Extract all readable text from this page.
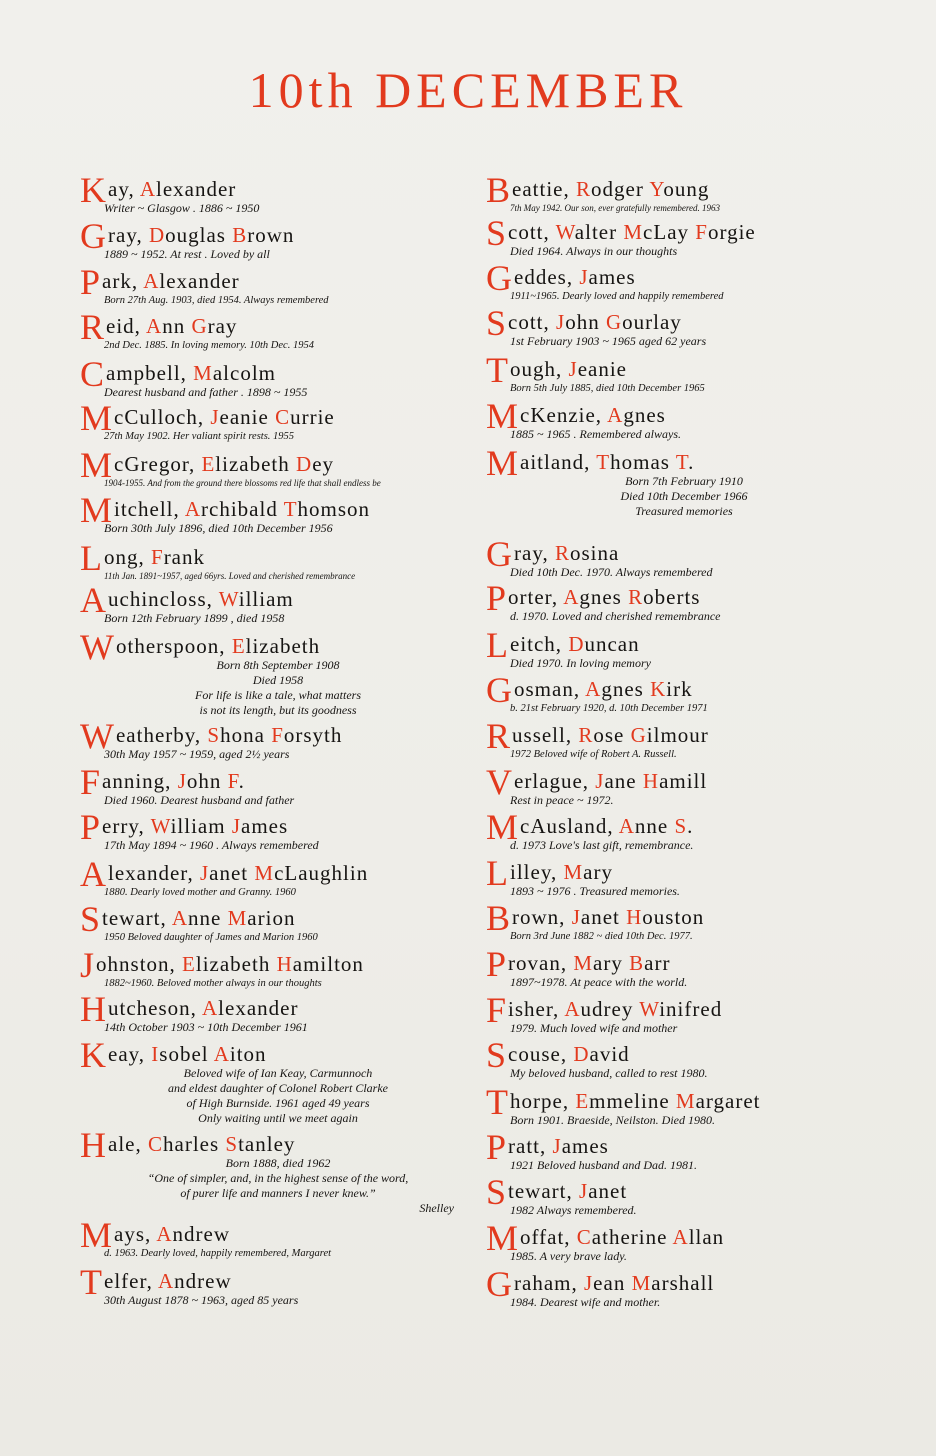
10th DECEMBER
Kay, Alexander
Writer ~ Glasgow . 1886 ~ 1950
Gray, Douglas Brown
1889 ~ 1952. At rest . Loved by all
Park, Alexander
Born 27th Aug. 1903, died 1954. Always remembered
Reid, Ann Gray
2nd Dec. 1885. In loving memory. 10th Dec. 1954
Campbell, Malcolm
Dearest husband and father . 1898 ~ 1955
McCulloch, Jeanie Currie
27th May 1902. Her valiant spirit rests. 1955
McGregor, Elizabeth Dey
1904-1955. And from the ground there blossoms red life that shall endless be
Mitchell, Archibald Thomson
Born 30th July 1896, died 10th December 1956
Long, Frank
11th Jan. 1891~1957, aged 66yrs. Loved and cherished remembrance
Auchincloss, William
Born 12th February 1899 , died 1958
Wotherspoon, Elizabeth
Born 8th September 1908
Died 1958
For life is like a tale, what matters
is not its length, but its goodness
Weatherby, Shona Forsyth
30th May 1957 ~ 1959, aged 2½ years
Fanning, John F.
Died 1960. Dearest husband and father
Perry, William James
17th May 1894 ~ 1960 . Always remembered
Alexander, Janet McLaughlin
1880. Dearly loved mother and Granny. 1960
Stewart, Anne Marion
1950 Beloved daughter of James and Marion 1960
Johnston, Elizabeth Hamilton
1882~1960. Beloved mother always in our thoughts
Hutcheson, Alexander
14th October 1903 ~ 10th December 1961
Keay, Isobel Aiton
Beloved wife of Ian Keay, Carmunnoch
and eldest daughter of Colonel Robert Clarke
of High Burnside. 1961 aged 49 years
Only waiting until we meet again
Hale, Charles Stanley
Born 1888, died 1962
“One of simpler, and, in the highest sense of the word,
of purer life and manners I never knew.”
Shelley
Mays, Andrew
d. 1963. Dearly loved, happily remembered, Margaret
Telfer, Andrew
30th August 1878 ~ 1963, aged 85 years
Beattie, Rodger Young
7th May 1942. Our son, ever gratefully remembered. 1963
Scott, Walter McLay Forgie
Died 1964. Always in our thoughts
Geddes, James
1911~1965. Dearly loved and happily remembered
Scott, John Gourlay
1st February 1903 ~ 1965 aged 62 years
Tough, Jeanie
Born 5th July 1885, died 10th December 1965
McKenzie, Agnes
1885 ~ 1965 . Remembered always.
Maitland, Thomas T.
Born 7th February 1910
Died 10th December 1966
Treasured memories
Gray, Rosina
Died 10th Dec. 1970. Always remembered
Porter, Agnes Roberts
d. 1970. Loved and cherished remembrance
Leitch, Duncan
Died 1970. In loving memory
Gosman, Agnes Kirk
b. 21st February 1920, d. 10th December 1971
Russell, Rose Gilmour
1972 Beloved wife of Robert A. Russell.
Verlague, Jane Hamill
Rest in peace ~ 1972.
McAusland, Anne S.
d. 1973 Love's last gift, remembrance.
Lilley, Mary
1893 ~ 1976 . Treasured memories.
Brown, Janet Houston
Born 3rd June 1882 ~ died 10th Dec. 1977.
Provan, Mary Barr
1897~1978. At peace with the world.
Fisher, Audrey Winifred
1979. Much loved wife and mother
Scouse, David
My beloved husband, called to rest 1980.
Thorpe, Emmeline Margaret
Born 1901. Braeside, Neilston. Died 1980.
Pratt, James
1921 Beloved husband and Dad. 1981.
Stewart, Janet
1982 Always remembered.
Moffat, Catherine Allan
1985. A very brave lady.
Graham, Jean Marshall
1984. Dearest wife and mother.
